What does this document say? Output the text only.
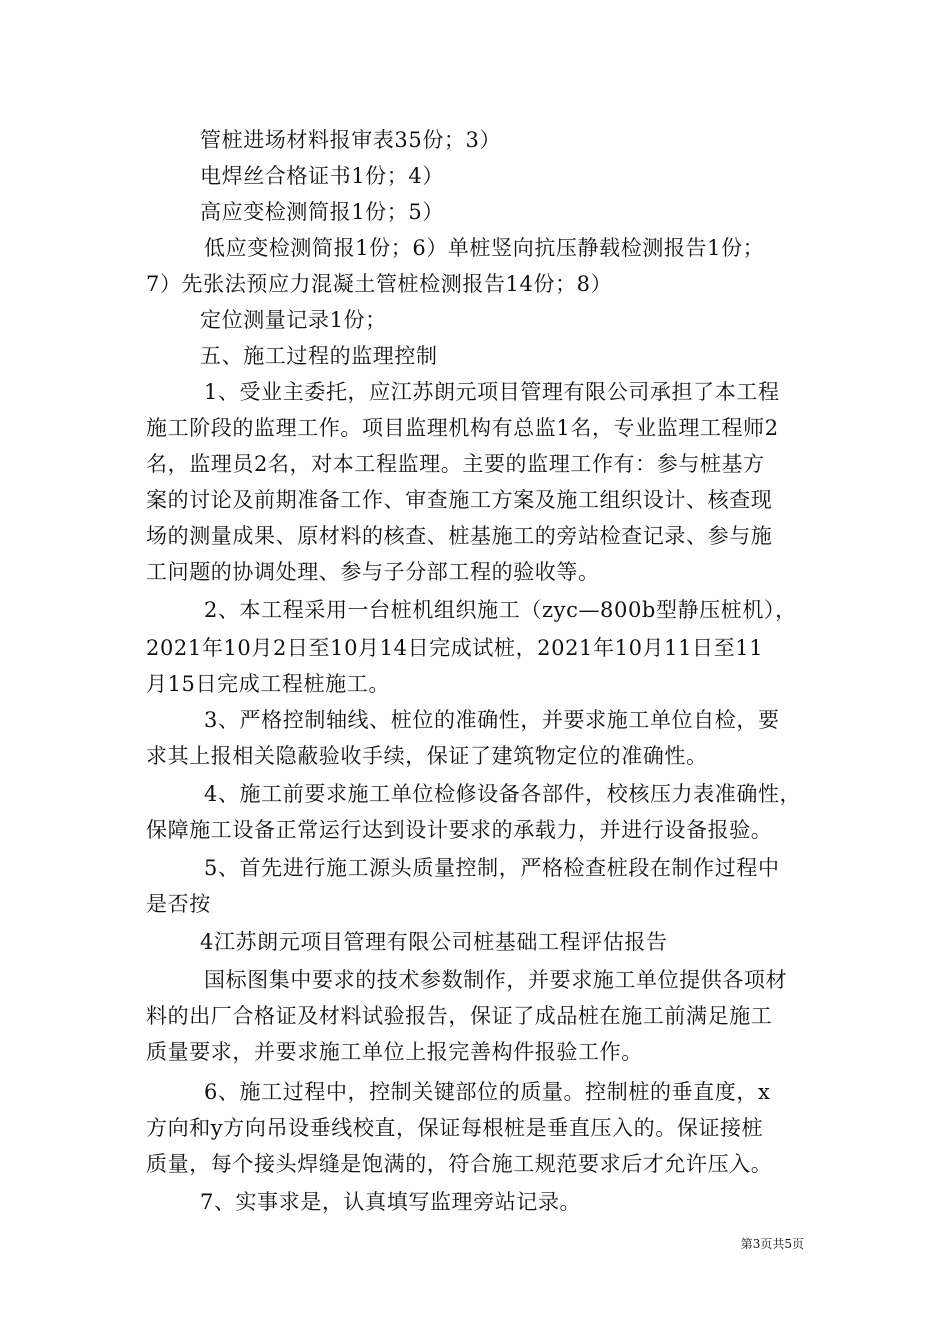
管桩进场材料报审表35份；3）
电焊丝合格证书1份；4）
高应变检测简报1份；5）
低应变检测简报1份；6）单桩竖向抗压静载检测报告1份；
7）先张法预应力混凝土管桩检测报告14份；8）
定位测量记录1份；
五、施工过程的监理控制
1、受业主委托，应江苏朗元项目管理有限公司承担了本工程
施工阶段的监理工作。项目监理机构有总监1名，专业监理工程师2
名，监理员2名，对本工程监理。主要的监理工作有：参与桩基方
案的讨论及前期准备工作、审查施工方案及施工组织设计、核查现
场的测量成果、原材料的核查、桩基施工的旁站检查记录、参与施
工问题的协调处理、参与子分部工程的验收等。
2、本工程采用一台桩机组织施工（zyc—800b型静压桩机），
2021年10月2日至10月14日完成试桩，2021年10月11日至11
月15日完成工程桩施工。
3、严格控制轴线、桩位的准确性，并要求施工单位自检，要
求其上报相关隐蔽验收手续，保证了建筑物定位的准确性。
4、施工前要求施工单位检修设备各部件，校核压力表准确性，
保障施工设备正常运行达到设计要求的承载力，并进行设备报验。
5、首先进行施工源头质量控制，严格检查桩段在制作过程中
是否按
4江苏朗元项目管理有限公司桩基础工程评估报告
国标图集中要求的技术参数制作，并要求施工单位提供各项材
料的出厂合格证及材料试验报告，保证了成品桩在施工前满足施工
质量要求，并要求施工单位上报完善构件报验工作。
6、施工过程中，控制关键部位的质量。控制桩的垂直度，x
方向和y方向吊设垂线校直，保证每根桩是垂直压入的。保证接桩
质量，每个接头焊缝是饱满的，符合施工规范要求后才允许压入。
7、实事求是，认真填写监理旁站记录。
第3页共5页
